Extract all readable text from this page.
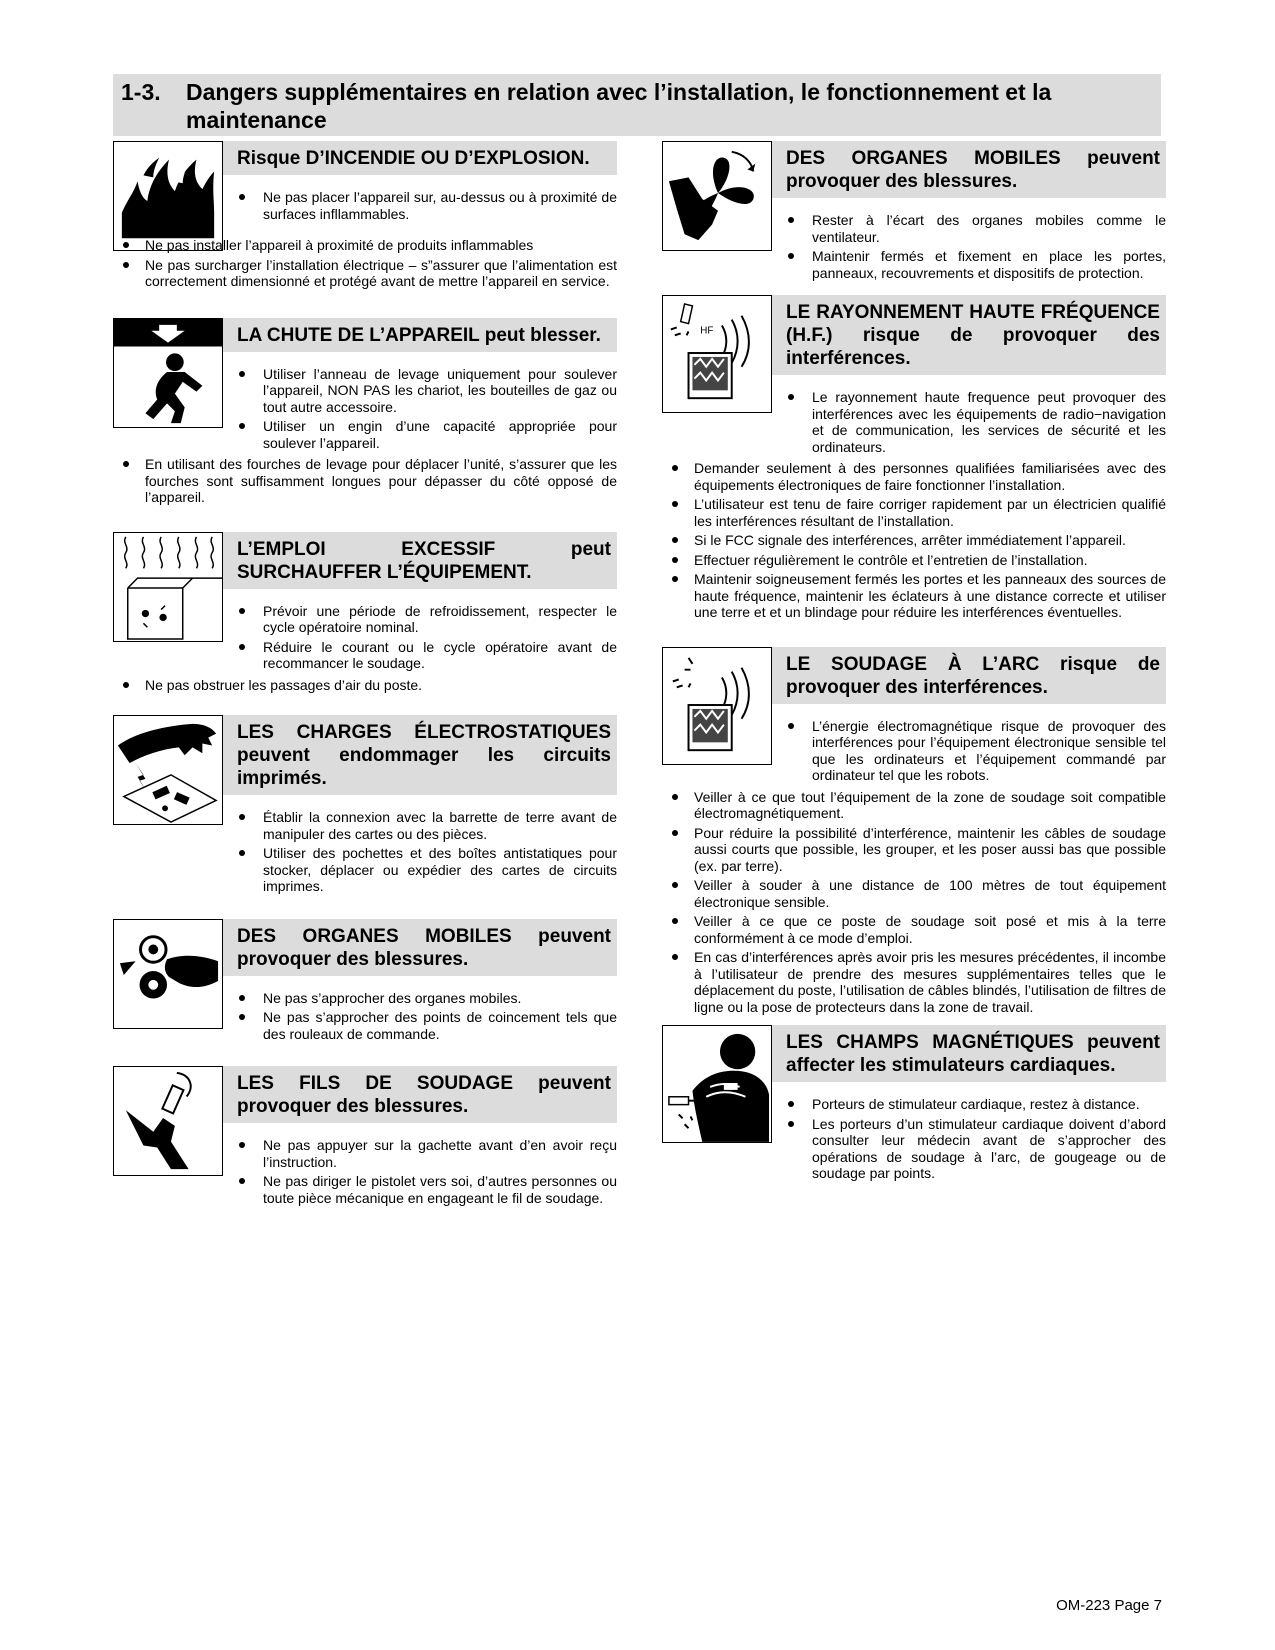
1-3. Dangers supplémentaires en relation avec l’installation, le fonctionnement et la maintenance
Risque D’INCENDIE OU D’EXPLOSION.
Ne pas placer l’appareil sur, au-dessus ou à proximité de surfaces infllammables.
Ne pas installer l’appareil à proximité de produits inflammables
Ne pas surcharger l’installation électrique – s”assurer que l’alimentation est correctement dimensionné et protégé avant de mettre l’appareil en service.
LA CHUTE DE L’APPAREIL peut blesser.
Utiliser l’anneau de levage uniquement pour soulever l’appareil, NON PAS les chariot, les bouteilles de gaz ou tout autre accessoire.
Utiliser un engin d’une capacité appropriée pour soulever l’appareil.
En utilisant des fourches de levage pour déplacer l’unité, s’assurer que les fourches sont suffisamment longues pour dépasser du côté opposé de l’appareil.
L’EMPLOI EXCESSIF peut SURCHAUFFER L’ÉQUIPEMENT.
Prévoir une période de refroidissement, respecter le cycle opératoire nominal.
Réduire le courant ou le cycle opératoire avant de recommancer le soudage.
Ne pas obstruer les passages d’air du poste.
LES CHARGES ÉLECTROSTATIQUES peuvent endommager les circuits imprimés.
Établir la connexion avec la barrette de terre avant de manipuler des cartes ou des pièces.
Utiliser des pochettes et des boîtes antistatiques pour stocker, déplacer ou expédier des cartes de circuits imprimes.
DES ORGANES MOBILES peuvent provoquer des blessures.
Ne pas s’approcher des organes mobiles.
Ne pas s’approcher des points de coincement tels que des rouleaux de commande.
LES FILS DE SOUDAGE peuvent provoquer des blessures.
Ne pas appuyer sur la gachette avant d’en avoir reçu l’instruction.
Ne pas diriger le pistolet vers soi, d’autres personnes ou toute pièce mécanique en engageant le fil de soudage.
DES ORGANES MOBILES peuvent provoquer des blessures.
Rester à l’écart des organes mobiles comme le ventilateur.
Maintenir fermés et fixement en place les portes, panneaux, recouvrements et dispositifs de protection.
HF
LE RAYONNEMENT HAUTE FRÉQUENCE (H.F.) risque de provoquer des interférences.
Le rayonnement haute frequence peut provoquer des interférences avec les équipements de radio−navigation et de communication, les services de sécurité et les ordinateurs.
Demander seulement à des personnes qualifiées familiarisées avec des équipements électroniques de faire fonctionner l’installation.
L’utilisateur est tenu de faire corriger rapidement par un électricien qualifié les interférences résultant de l’installation.
Si le FCC signale des interférences, arrêter immédiatement l’appareil.
Effectuer régulièrement le contrôle et l’entretien de l’installation.
Maintenir soigneusement fermés les portes et les panneaux des sources de haute fréquence, maintenir les éclateurs à une distance correcte et utiliser une terre et et un blindage pour réduire les interférences éventuelles.
LE SOUDAGE À L’ARC risque de provoquer des interférences.
L’énergie électromagnétique risque de provoquer des interférences pour l’équipement électronique sensible tel que les ordinateurs et l’équipement commandé par ordinateur tel que les robots.
Veiller à ce que tout l’équipement de la zone de soudage soit compatible électromagnétiquement.
Pour réduire la possibilité d’interférence, maintenir les câbles de soudage aussi courts que possible, les grouper, et les poser aussi bas que possible (ex. par terre).
Veiller à souder à une distance de 100 mètres de tout équipement électronique sensible.
Veiller à ce que ce poste de soudage soit posé et mis à la terre conformément à ce mode d’emploi.
En cas d’interférences après avoir pris les mesures précédentes, il incombe à l’utilisateur de prendre des mesures supplémentaires telles que le déplacement du poste, l’utilisation de câbles blindés, l’utilisation de filtres de ligne ou la pose de protecteurs dans la zone de travail.
LES CHAMPS MAGNÉTIQUES peuvent affecter les stimulateurs cardiaques.
Porteurs de stimulateur cardiaque, restez à distance.
Les porteurs d’un stimulateur cardiaque doivent d’abord consulter leur médecin avant de s’approcher des opérations de soudage à l’arc, de gougeage ou de soudage par points.
OM-223 Page 7
